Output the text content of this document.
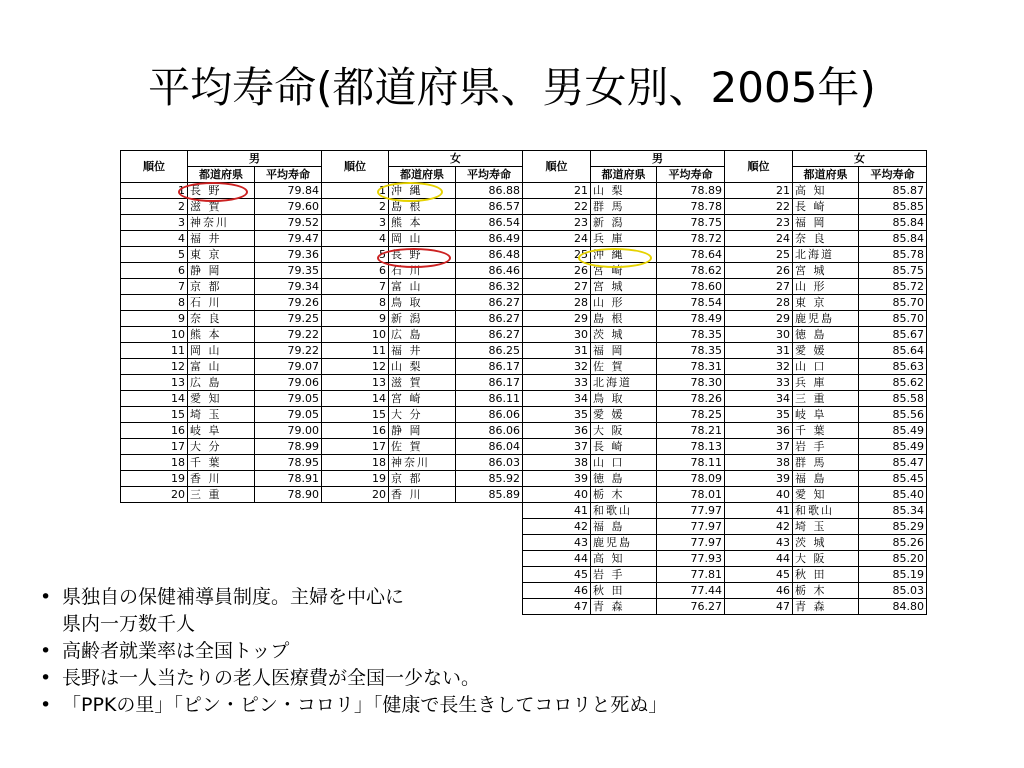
平均寿命(都道府県、男女別、2005年)
順位	男		順位	女	
	都道府県	平均寿命		都道府県	平均寿命
1	長 野	79.84	1	沖 縄	86.88
2	滋 賀	79.60	2	島 根	86.57
3	神奈川	79.52	3	熊 本	86.54
4	福 井	79.47	4	岡 山	86.49
5	東 京	79.36	5	長 野	86.48
6	静 岡	79.35	6	石 川	86.46
7	京 都	79.34	7	富 山	86.32
8	石 川	79.26	8	鳥 取	86.27
9	奈 良	79.25	9	新 潟	86.27
10	熊 本	79.22	10	広 島	86.27
11	岡 山	79.22	11	福 井	86.25
12	富 山	79.07	12	山 梨	86.17
13	広 島	79.06	13	滋 賀	86.17
14	愛 知	79.05	14	宮 崎	86.11
15	埼 玉	79.05	15	大 分	86.06
16	岐 阜	79.00	16	静 岡	86.06
17	大 分	78.99	17	佐 賀	86.04
18	千 葉	78.95	18	神奈川	86.03
19	香 川	78.91	19	京 都	85.92
20	三 重	78.90	20	香 川	85.89
順位	男		順位	女	
	都道府県	平均寿命		都道府県	平均寿命
21	山 梨	78.89	21	高 知	85.87
22	群 馬	78.78	22	長 崎	85.85
23	新 潟	78.75	23	福 岡	85.84
24	兵 庫	78.72	24	奈 良	85.84
25	沖 縄	78.64	25	北海道	85.78
26	宮 崎	78.62	26	宮 城	85.75
27	宮 城	78.60	27	山 形	85.72
28	山 形	78.54	28	東 京	85.70
29	島 根	78.49	29	鹿児島	85.70
30	茨 城	78.35	30	徳 島	85.67
31	福 岡	78.35	31	愛 媛	85.64
32	佐 賀	78.31	32	山 口	85.63
33	北海道	78.30	33	兵 庫	85.62
34	鳥 取	78.26	34	三 重	85.58
35	愛 媛	78.25	35	岐 阜	85.56
36	大 阪	78.21	36	千 葉	85.49
37	長 崎	78.13	37	岩 手	85.49
38	山 口	78.11	38	群 馬	85.47
39	徳 島	78.09	39	福 島	85.45
40	栃 木	78.01	40	愛 知	85.40
41	和歌山	77.97	41	和歌山	85.34
42	福 島	77.97	42	埼 玉	85.29
43	鹿児島	77.97	43	茨 城	85.26
44	高 知	77.93	44	大 阪	85.20
45	岩 手	77.81	45	秋 田	85.19
46	秋 田	77.44	46	栃 木	85.03
47	青 森	76.27	47	青 森	84.80
• 県独自の保健補導員制度。主婦を中心に
県内一万数千人
• 高齢者就業率は全国トップ
• 長野は一人当たりの老人医療費が全国一少ない。
• 「PPKの里」「ピン・ピン・コロリ」「健康で長生きしてコロリと死ぬ」
